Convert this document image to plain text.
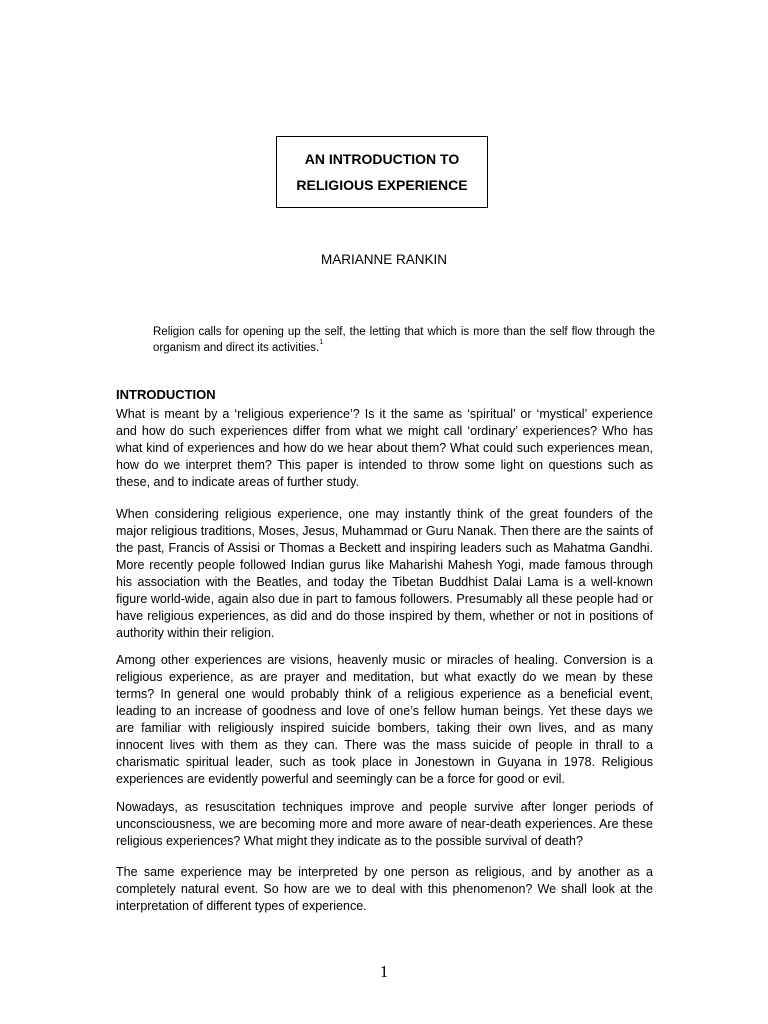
AN INTRODUCTION TO
RELIGIOUS EXPERIENCE
MARIANNE RANKIN
Religion calls for opening up the self, the letting that which is more than the self flow through the organism and direct its activities.$^1$
INTRODUCTION

What is meant by a ‘religious experience’? Is it the same as ‘spiritual’ or ‘mystical’ experience and how do such experiences differ from what we might call ‘ordinary’ experiences? Who has what kind of experiences and how do we hear about them? What could such experiences mean, how do we interpret them? This paper is intended to throw some light on questions such as these, and to indicate areas of further study.

When considering religious experience, one may instantly think of the great founders of the major religious traditions, Moses, Jesus, Muhammad or Guru Nanak. Then there are the saints of the past, Francis of Assisi or Thomas a Beckett and inspiring leaders such as Mahatma Gandhi. More recently people followed Indian gurus like Maharishi Mahesh Yogi, made famous through his association with the Beatles, and today the Tibetan Buddhist Dalai Lama is a well-known figure world-wide, again also due in part to famous followers. Presumably all these people had or have religious experiences, as did and do those inspired by them, whether or not in positions of authority within their religion.

Among other experiences are visions, heavenly music or miracles of healing. Conversion is a religious experience, as are prayer and meditation, but what exactly do we mean by these terms? In general one would probably think of a religious experience as a beneficial event, leading to an increase of goodness and love of one’s fellow human beings. Yet these days we are familiar with religiously inspired suicide bombers, taking their own lives, and as many innocent lives with them as they can. There was the mass suicide of people in thrall to a charismatic spiritual leader, such as took place in Jonestown in Guyana in 1978. Religious experiences are evidently powerful and seemingly can be a force for good or evil.

Nowadays, as resuscitation techniques improve and people survive after longer periods of unconsciousness, we are becoming more and more aware of near-death experiences. Are these religious experiences? What might they indicate as to the possible survival of death?

The same experience may be interpreted by one person as religious, and by another as a completely natural event. So how are we to deal with this phenomenon? We shall look at the interpretation of different types of experience.

1
